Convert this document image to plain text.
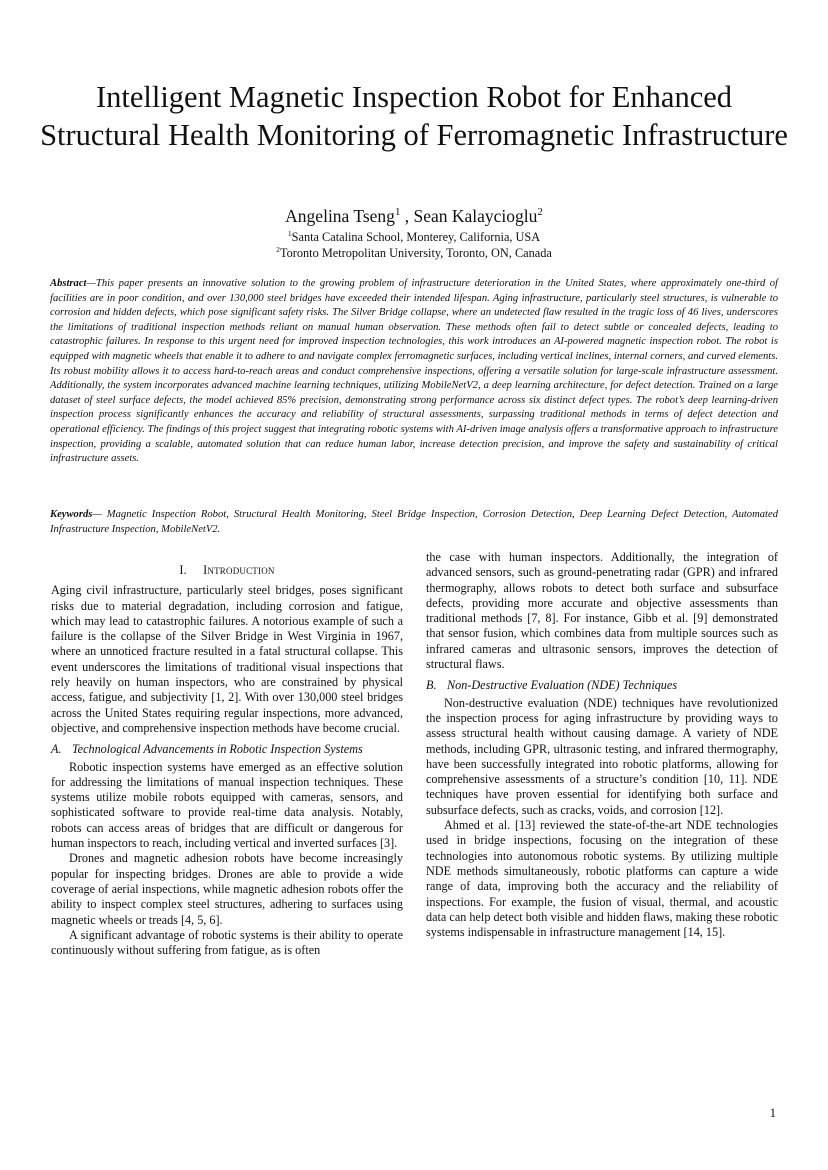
Intelligent Magnetic Inspection Robot for Enhanced Structural Health Monitoring of Ferromagnetic Infrastructure
Angelina Tseng$^1$ , Sean Kalaycioglu$^2$
$^1$Santa Catalina School, Monterey, California, USA
$^2$Toronto Metropolitan University, Toronto, ON, Canada
Abstract—This paper presents an innovative solution to the growing problem of infrastructure deterioration in the United States, where approximately one-third of facilities are in poor condition, and over 130,000 steel bridges have exceeded their intended lifespan. Aging infrastructure, particularly steel structures, is vulnerable to corrosion and hidden defects, which pose significant safety risks. The Silver Bridge collapse, where an undetected flaw resulted in the tragic loss of 46 lives, underscores the limitations of traditional inspection methods reliant on manual human observation. These methods often fail to detect subtle or concealed defects, leading to catastrophic failures. In response to this urgent need for improved inspection technologies, this work introduces an AI-powered magnetic inspection robot. The robot is equipped with magnetic wheels that enable it to adhere to and navigate complex ferromagnetic surfaces, including vertical inclines, internal corners, and curved elements. Its robust mobility allows it to access hard-to-reach areas and conduct comprehensive inspections, offering a versatile solution for large-scale infrastructure assessment. Additionally, the system incorporates advanced machine learning techniques, utilizing MobileNetV2, a deep learning architecture, for defect detection. Trained on a large dataset of steel surface defects, the model achieved 85% precision, demonstrating strong performance across six distinct defect types. The robot’s deep learning-driven inspection process significantly enhances the accuracy and reliability of structural assessments, surpassing traditional methods in terms of defect detection and operational efficiency. The findings of this project suggest that integrating robotic systems with AI-driven image analysis offers a transformative approach to infrastructure inspection, providing a scalable, automated solution that can reduce human labor, increase detection precision, and improve the safety and sustainability of critical infrastructure assets.
Keywords— Magnetic Inspection Robot, Structural Health Monitoring, Steel Bridge Inspection, Corrosion Detection, Deep Learning Defect Detection, Automated Infrastructure Inspection, MobileNetV2.
I. Introduction

Aging civil infrastructure, particularly steel bridges, poses significant risks due to material degradation, including corrosion and fatigue, which may lead to catastrophic failures. A notorious example of such a failure is the collapse of the Silver Bridge in West Virginia in 1967, where an unnoticed fracture resulted in a fatal structural collapse. This event underscores the limitations of traditional visual inspections that rely heavily on human inspectors, who are constrained by physical access, fatigue, and subjectivity [1, 2]. With over 130,000 steel bridges across the United States requiring regular inspections, more advanced, objective, and comprehensive inspection methods have become crucial.

A. Technological Advancements in Robotic Inspection Systems

Robotic inspection systems have emerged as an effective solution for addressing the limitations of manual inspection techniques. These systems utilize mobile robots equipped with cameras, sensors, and sophisticated software to provide real-time data analysis. Notably, robots can access areas of bridges that are difficult or dangerous for human inspectors to reach, including vertical and inverted surfaces [3].

Drones and magnetic adhesion robots have become increasingly popular for inspecting bridges. Drones are able to provide a wide coverage of aerial inspections, while magnetic adhesion robots offer the ability to inspect complex steel structures, adhering to surfaces using magnetic wheels or treads [4, 5, 6].

A significant advantage of robotic systems is their ability to operate continuously without suffering from fatigue, as is often

the case with human inspectors. Additionally, the integration of advanced sensors, such as ground-penetrating radar (GPR) and infrared thermography, allows robots to detect both surface and subsurface defects, providing more accurate and objective assessments than traditional methods [7, 8]. For instance, Gibb et al. [9] demonstrated that sensor fusion, which combines data from multiple sources such as infrared cameras and ultrasonic sensors, improves the detection of structural flaws.

B. Non-Destructive Evaluation (NDE) Techniques

Non-destructive evaluation (NDE) techniques have revolutionized the inspection process for aging infrastructure by providing ways to assess structural health without causing damage. A variety of NDE methods, including GPR, ultrasonic testing, and infrared thermography, have been successfully integrated into robotic platforms, allowing for comprehensive assessments of a structure’s condition [10, 11]. NDE techniques have proven essential for identifying both surface and subsurface defects, such as cracks, voids, and corrosion [12].

Ahmed et al. [13] reviewed the state-of-the-art NDE technologies used in bridge inspections, focusing on the integration of these technologies into autonomous robotic systems. By utilizing multiple NDE methods simultaneously, robotic platforms can capture a wide range of data, improving both the accuracy and the reliability of inspections. For example, the fusion of visual, thermal, and acoustic data can help detect both visible and hidden flaws, making these robotic systems indispensable in infrastructure management [14, 15].

1
